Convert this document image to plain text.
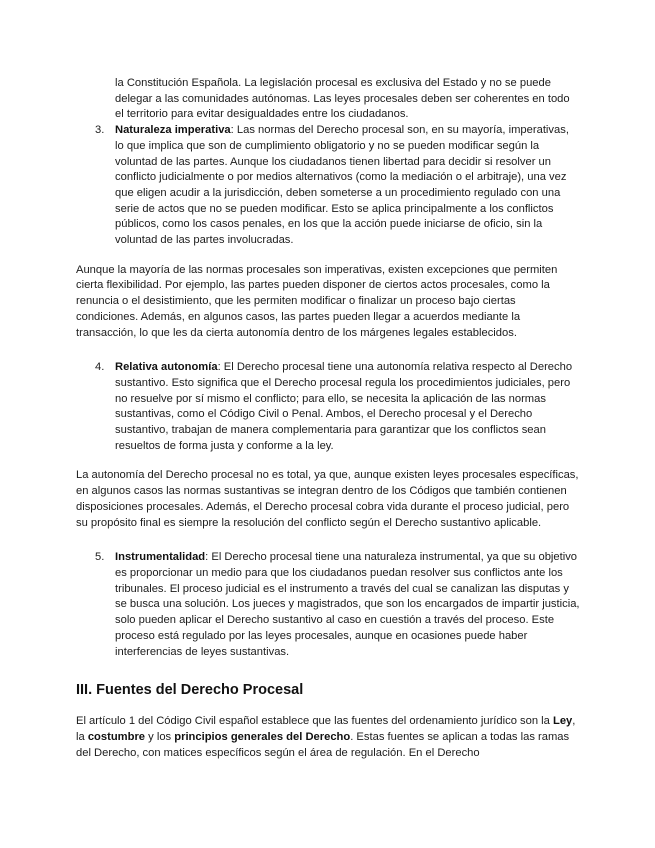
la Constitución Española. La legislación procesal es exclusiva del Estado y no se puede delegar a las comunidades autónomas. Las leyes procesales deben ser coherentes en todo el territorio para evitar desigualdades entre los ciudadanos.

3. Naturaleza imperativa: Las normas del Derecho procesal son, en su mayoría, imperativas, lo que implica que son de cumplimiento obligatorio y no se pueden modificar según la voluntad de las partes. Aunque los ciudadanos tienen libertad para decidir si resolver un conflicto judicialmente o por medios alternativos (como la mediación o el arbitraje), una vez que eligen acudir a la jurisdicción, deben someterse a un procedimiento regulado con una serie de actos que no se pueden modificar. Esto se aplica principalmente a los conflictos públicos, como los casos penales, en los que la acción puede iniciarse de oficio, sin la voluntad de las partes involucradas.

Aunque la mayoría de las normas procesales son imperativas, existen excepciones que permiten cierta flexibilidad. Por ejemplo, las partes pueden disponer de ciertos actos procesales, como la renuncia o el desistimiento, que les permiten modificar o finalizar un proceso bajo ciertas condiciones. Además, en algunos casos, las partes pueden llegar a acuerdos mediante la transacción, lo que les da cierta autonomía dentro de los márgenes legales establecidos.

4. Relativa autonomía: El Derecho procesal tiene una autonomía relativa respecto al Derecho sustantivo. Esto significa que el Derecho procesal regula los procedimientos judiciales, pero no resuelve por sí mismo el conflicto; para ello, se necesita la aplicación de las normas sustantivas, como el Código Civil o Penal. Ambos, el Derecho procesal y el Derecho sustantivo, trabajan de manera complementaria para garantizar que los conflictos sean resueltos de forma justa y conforme a la ley.

La autonomía del Derecho procesal no es total, ya que, aunque existen leyes procesales específicas, en algunos casos las normas sustantivas se integran dentro de los Códigos que también contienen disposiciones procesales. Además, el Derecho procesal cobra vida durante el proceso judicial, pero su propósito final es siempre la resolución del conflicto según el Derecho sustantivo aplicable.

5. Instrumentalidad: El Derecho procesal tiene una naturaleza instrumental, ya que su objetivo es proporcionar un medio para que los ciudadanos puedan resolver sus conflictos ante los tribunales. El proceso judicial es el instrumento a través del cual se canalizan las disputas y se busca una solución. Los jueces y magistrados, que son los encargados de impartir justicia, solo pueden aplicar el Derecho sustantivo al caso en cuestión a través del proceso. Este proceso está regulado por las leyes procesales, aunque en ocasiones puede haber interferencias de leyes sustantivas.

III. Fuentes del Derecho Procesal

El artículo 1 del Código Civil español establece que las fuentes del ordenamiento jurídico son la Ley, la costumbre y los principios generales del Derecho. Estas fuentes se aplican a todas las ramas del Derecho, con matices específicos según el área de regulación. En el Derecho
